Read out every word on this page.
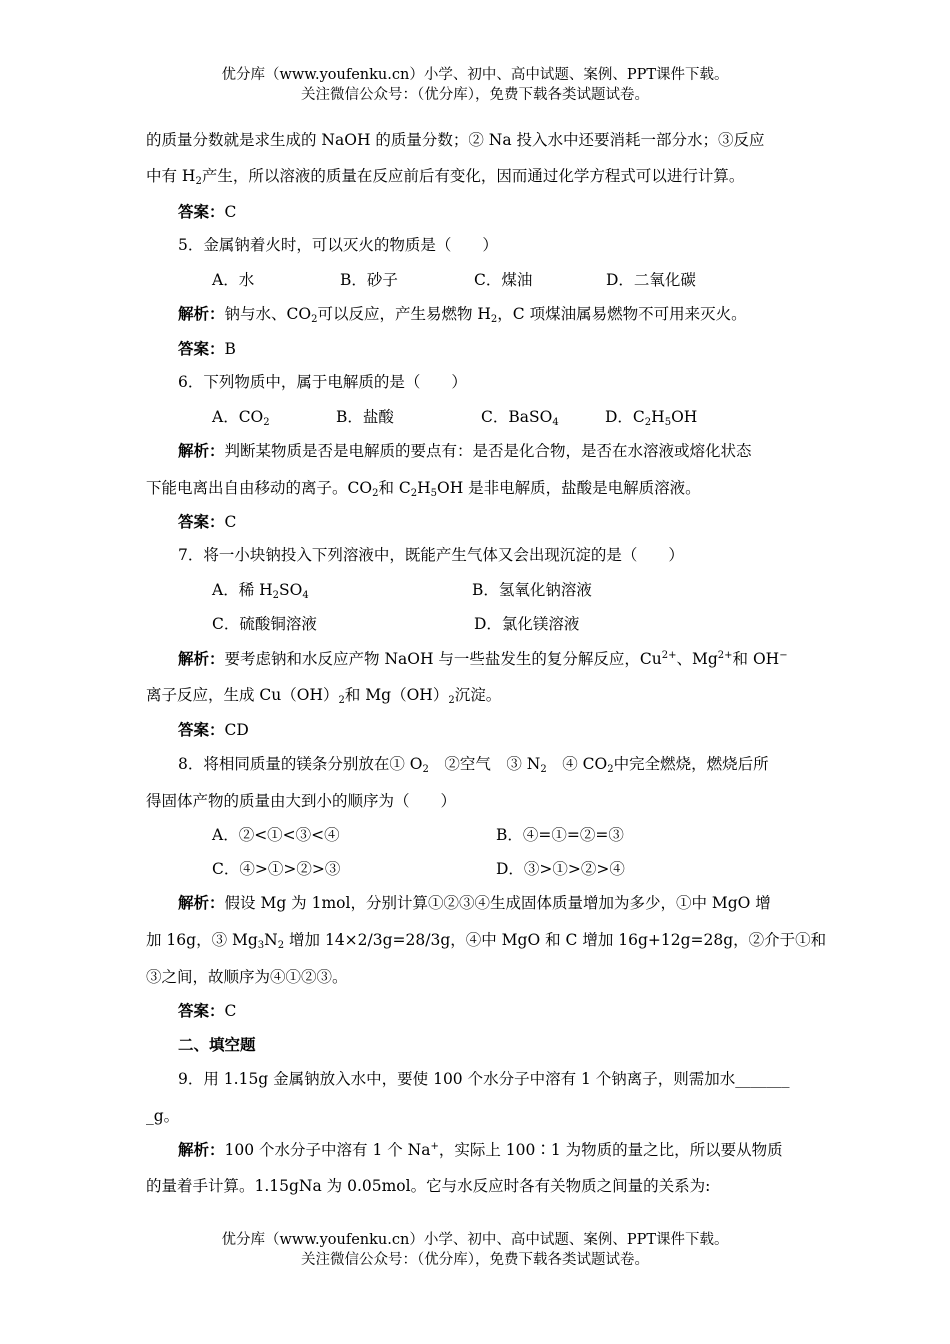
优分库（www.youfenku.cn）小学、初中、高中试题、案例、PPT课件下载。
关注微信公众号：（优分库），免费下载各类试题试卷。
的质量分数就是求生成的 NaOH 的质量分数；② Na 投入水中还要消耗一部分水；③反应
中有 $H_2$产生，所以溶液的质量在反应前后有变化，因而通过化学方程式可以进行计算。
答案：C
5．金属钠着火时，可以灭火的物质是（　　）
A．水	B．砂子	C．煤油	D．二氧化碳
解析：钠与水、$CO_2$可以反应，产生易燃物 $H_2$，C 项煤油属易燃物不可用来灭火。
答案：B
6．下列物质中，属于电解质的是（　　）
A．$CO_2$	B．盐酸	C．BaSO$_4$	D．$C_2H_5OH$
解析：判断某物质是否是电解质的要点有：是否是化合物，是否在水溶液或熔化状态
下能电离出自由移动的离子。$CO_2$和 $C_2H_5OH$ 是非电解质，盐酸是电解质溶液。
答案：C
7．将一小块钠投入下列溶液中，既能产生气体又会出现沉淀的是（　　）
A．稀 $H_2SO_4$	B．氢氧化钠溶液
C．硫酸铜溶液	D．氯化镁溶液
解析：要考虑钠和水反应产物 NaOH 与一些盐发生的复分解反应，$Cu^{2+}$、$Mg^{2+}$和 OH−
离子反应，生成 $Cu(OH)_2$和 $Mg(OH)_2$沉淀。
答案：CD
8．将相同质量的镁条分别放在① $O_2$　②空气　③ $N_2$　④ $CO_2$中完全燃烧，燃烧后所
得固体产物的质量由大到小的顺序为（　　）
A．②<①<③<④	B．④=①=②=③
C．④>①>②>③	D．③>①>②>④
解析：假设 Mg 为 1mol，分别计算①②③④生成固体质量增加为多少，①中 MgO 增
加 16g，③ $Mg_3N_2$ 增加 14×2/3g=28/3g，④中 MgO 和 C 增加 16g+12g=28g，②介于①和
③之间，故顺序为④①②③。
答案：C
二、填空题
9．用 1.15g 金属钠放入水中，要使 100 个水分子中溶有 1 个钠离子，则需加水_______
_g。
解析：100 个水分子中溶有 1 个 Na+，实际上 100∶1 为物质的量之比，所以要从物质
的量着手计算。1.15gNa 为 0.05mol。它与水反应时各有关物质之间量的关系为:
优分库（www.youfenku.cn）小学、初中、高中试题、案例、PPT课件下载。
关注微信公众号：（优分库），免费下载各类试题试卷。
